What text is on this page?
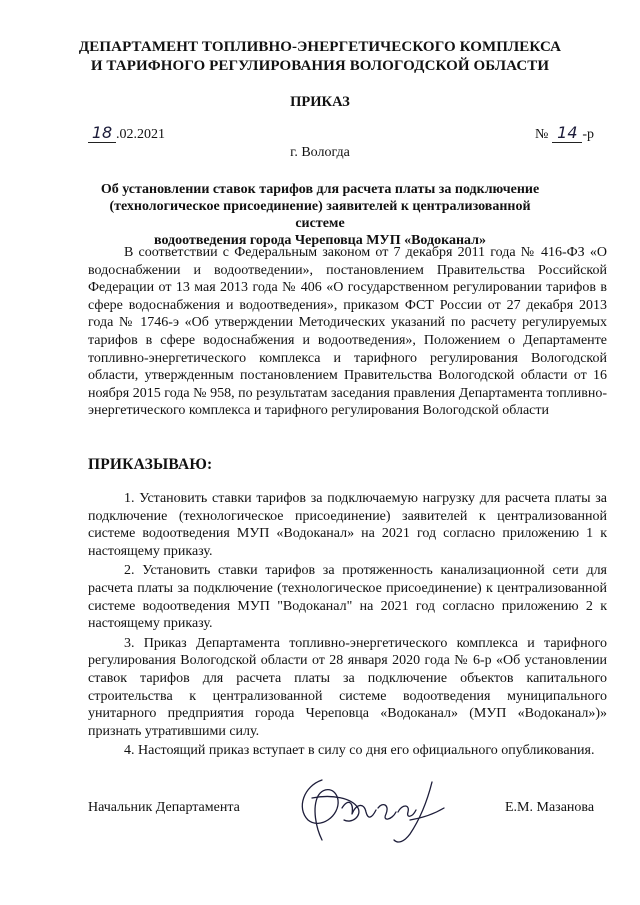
ДЕПАРТАМЕНТ ТОПЛИВНО-ЭНЕРГЕТИЧЕСКОГО КОМПЛЕКСА
И ТАРИФНОГО РЕГУЛИРОВАНИЯ ВОЛОГОДСКОЙ ОБЛАСТИ
ПРИКАЗ
18 .02.2021	№ 14 -р
г. Вологда
Об установлении ставок тарифов для расчета платы за подключение
(технологическое присоединение) заявителей к централизованной системе
водоотведения города Череповца МУП «Водоканал»
В соответствии с Федеральным законом от 7 декабря 2011 года № 416-ФЗ «О водоснабжении и водоотведении», постановлением Правительства Российской Федерации от 13 мая 2013 года № 406 «О государственном регулировании тарифов в сфере водоснабжения и водоотведения», приказом ФСТ России от 27 декабря 2013 года № 1746-э «Об утверждении Методических указаний по расчету регулируемых тарифов в сфере водоснабжения и водоотведения», Положением о Департаменте топливно-энергетического комплекса и тарифного регулирования Вологодской области, утвержденным постановлением Правительства Вологодской области от 16 ноября 2015 года № 958, по результатам заседания правления Департамента топливно-энергетического комплекса и тарифного регулирования Вологодской области
ПРИКАЗЫВАЮ:

1. Установить ставки тарифов за подключаемую нагрузку для расчета платы за подключение (технологическое присоединение) заявителей к централизованной системе водоотведения МУП «Водоканал» на 2021 год согласно приложению 1 к настоящему приказу.

2. Установить ставки тарифов за протяженность канализационной сети для расчета платы за подключение (технологическое присоединение) к централизованной системе водоотведения МУП "Водоканал" на 2021 год согласно приложению 2 к настоящему приказу.

3. Приказ Департамента топливно-энергетического комплекса и тарифного регулирования Вологодской области от 28 января 2020 года № 6-р «Об установлении ставок тарифов для расчета платы за подключение объектов капитального строительства к централизованной системе водоотведения муниципального унитарного предприятия города Череповца «Водоканал» (МУП «Водоканал»)» признать утратившими силу.

4. Настоящий приказ вступает в силу со дня его официального опубликования.

Начальник Департамента	Е.М. Мазанова
